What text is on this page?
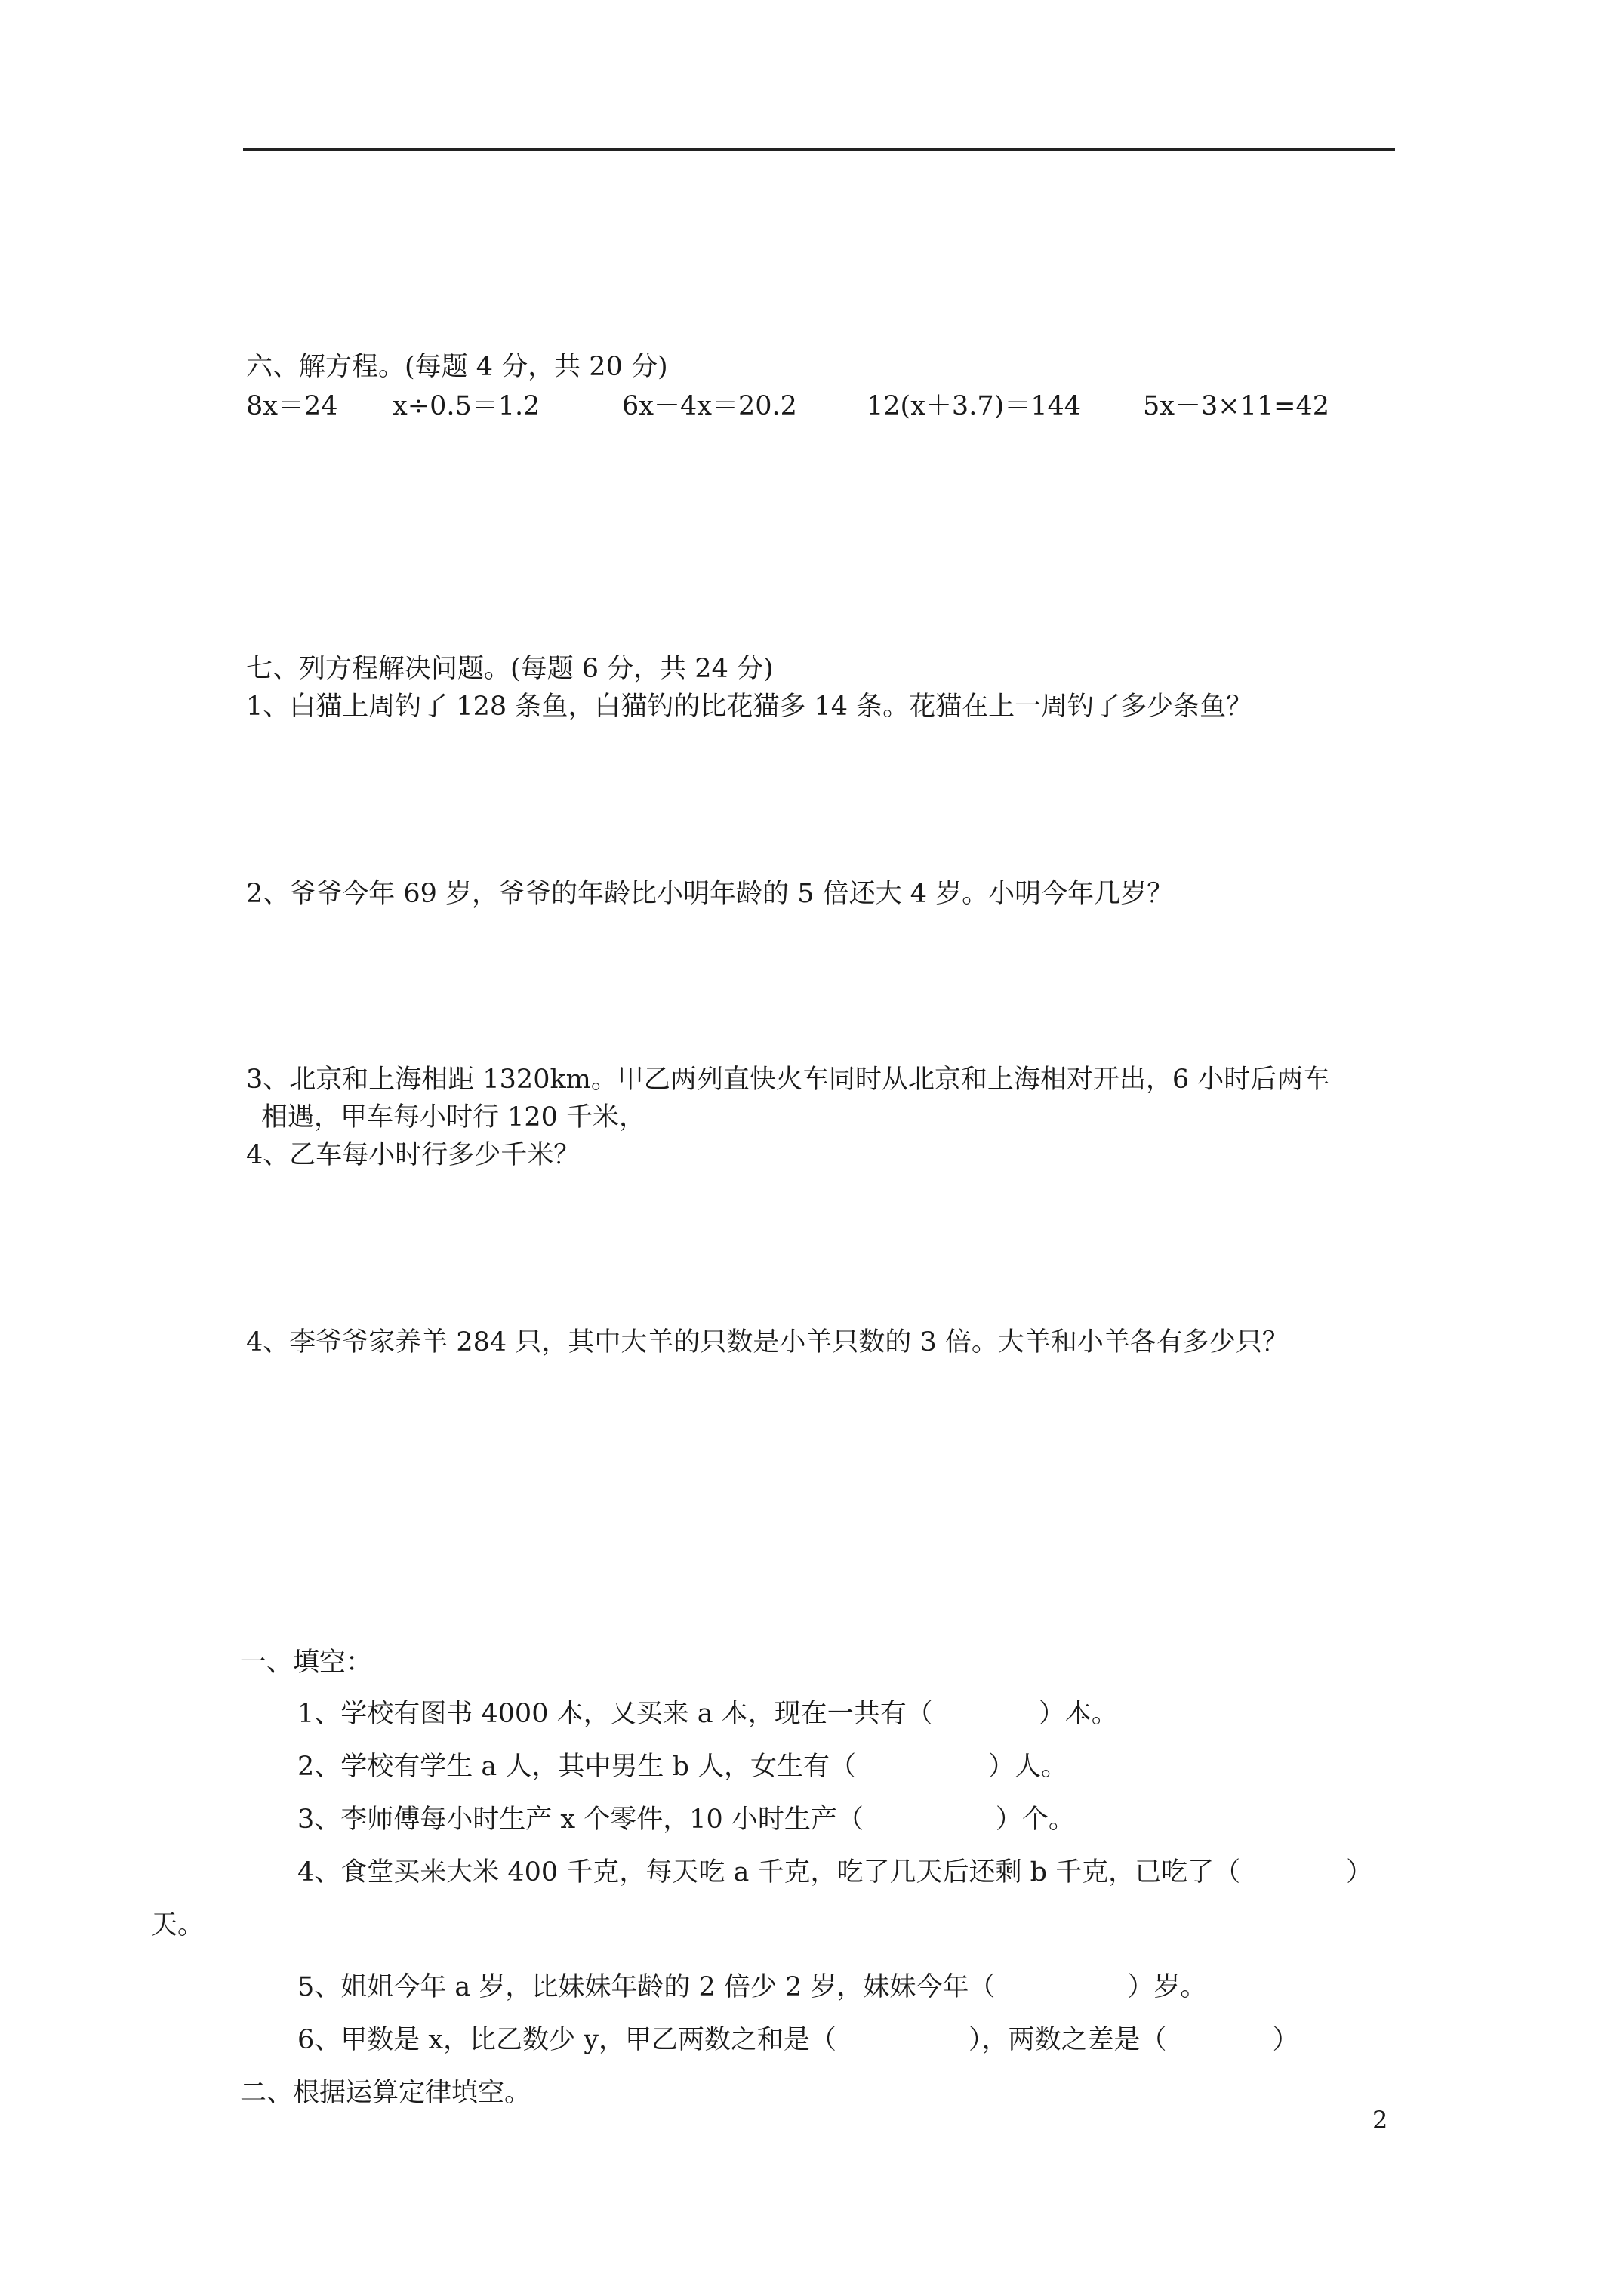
六、解方程。(每题 4 分，共 20 分)
8x＝24 x÷0.5＝1.2	6x－4x＝20.2	12(x＋3.7)＝144 5x－3×11=42
七、列方程解决问题。(每题 6 分，共 24 分)
1、白猫上周钓了 128 条鱼，白猫钓的比花猫多 14 条。花猫在上一周钓了多少条鱼？
2、爷爷今年 69 岁，爷爷的年龄比小明年龄的 5 倍还大 4 岁。小明今年几岁？
3、北京和上海相距 1320km。甲乙两列直快火车同时从北京和上海相对开出，6 小时后两车
相遇，甲车每小时行 120 千米，
4、乙车每小时行多少千米？
4、李爷爷家养羊 284 只，其中大羊的只数是小羊只数的 3 倍。大羊和小羊各有多少只？
一、填空：
1、学校有图书 4000 本，又买来 a 本，现在一共有（　　　　）本。
2、学校有学生 a 人，其中男生 b 人，女生有（　　　　　）人。
3、李师傅每小时生产 x 个零件，10 小时生产（　　　　　）个。
4、食堂买来大米 400 千克，每天吃 a 千克，吃了几天后还剩 b 千克，已吃了（　　　　）
天。
5、姐姐今年 a 岁，比妹妹年龄的 2 倍少 2 岁，妹妹今年（　　　　　）岁。
6、甲数是 x，比乙数少 y，甲乙两数之和是（　　　　　），两数之差是（　　　　）
二、根据运算定律填空。
2
